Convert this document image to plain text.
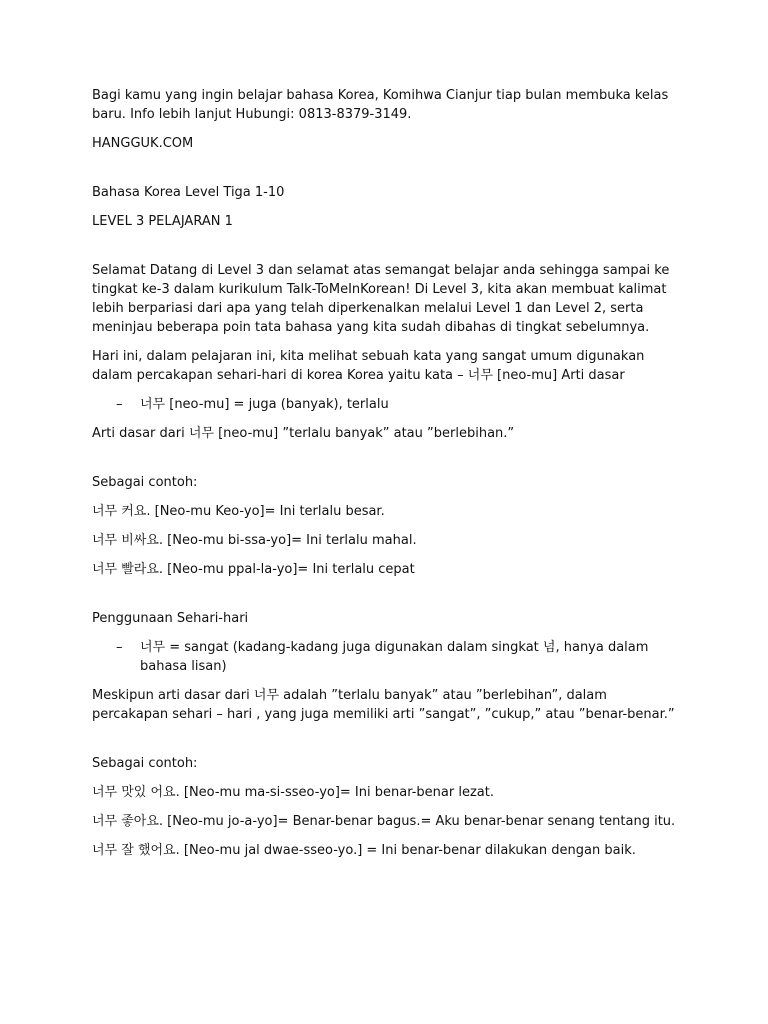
Bagi kamu yang ingin belajar bahasa Korea, Komihwa Cianjur tiap bulan membuka kelas baru. Info lebih lanjut Hubungi: 0813-8379-3149.

HANGGUK.COM

Bahasa Korea Level Tiga 1-10

LEVEL 3 PELAJARAN 1

Selamat Datang di Level 3 dan selamat atas semangat belajar anda sehingga sampai ke tingkat ke-3 dalam kurikulum Talk-ToMeInKorean! Di Level 3, kita akan membuat kalimat lebih berpariasi dari apa yang telah diperkenalkan melalui Level 1 dan Level 2, serta meninjau beberapa poin tata bahasa yang kita sudah dibahas di tingkat sebelumnya.

Hari ini, dalam pelajaran ini, kita melihat sebuah kata yang sangat umum digunakan dalam percakapan sehari-hari di korea Korea yaitu kata – 너무 [neo-mu] Arti dasar

–	너무 [neo-mu] = juga (banyak), terlalu

Arti dasar dari 너무 [neo-mu] ”terlalu banyak” atau ”berlebihan.”

Sebagai contoh:

너무 커요. [Neo-mu Keo-yo]= Ini terlalu besar.

너무 비싸요. [Neo-mu bi-ssa-yo]= Ini terlalu mahal.

너무 빨라요. [Neo-mu ppal-la-yo]= Ini terlalu cepat

Penggunaan Sehari-hari

–	너무 = sangat (kadang-kadang juga digunakan dalam singkat 넘, hanya dalam bahasa lisan)

Meskipun arti dasar dari 너무 adalah ”terlalu banyak” atau ”berlebihan”, dalam percakapan sehari – hari , yang juga memiliki arti ”sangat”, ”cukup,” atau ”benar-benar.”

Sebagai contoh:

너무 맛있 어요. [Neo-mu ma-si-sseo-yo]= Ini benar-benar lezat.

너무 좋아요. [Neo-mu jo-a-yo]= Benar-benar bagus.= Aku benar-benar senang tentang itu.

너무 잘 했어요. [Neo-mu jal dwae-sseo-yo.] = Ini benar-benar dilakukan dengan baik.
